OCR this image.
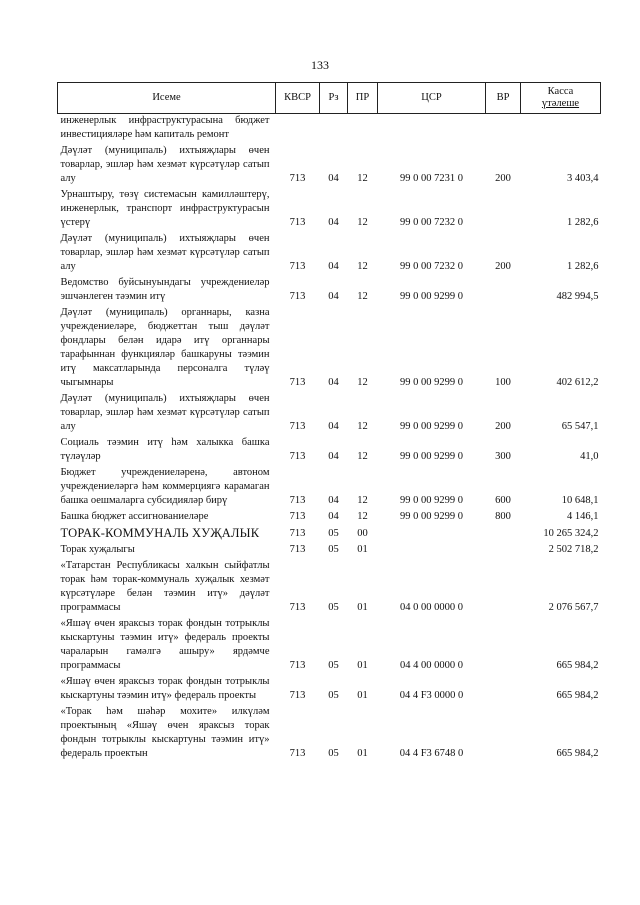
133
Исеме	КВСР	Рз	ПР	ЦСР	ВР	Касса
үтәлеше
инженерлык инфраструктурасына бюджет инвестицияләре һәм капиталь ремонт						
Дәүләт (муниципаль) ихтыяҗлары өчен товарлар, эшләр һәм хезмәт күрсәтүләр сатып алу	713	04	12	99 0 00 7231 0	200	3 403,4
Урнаштыру, төзү системасын камилләштерү, инженерлык, транспорт инфраструктурасын үстерү	713	04	12	99 0 00 7232 0		1 282,6
Дәүләт (муниципаль) ихтыяҗлары өчен товарлар, эшләр һәм хезмәт күрсәтүләр сатып алу	713	04	12	99 0 00 7232 0	200	1 282,6
Ведомство буйсынуындагы учреждениеләр эшчәнлеген тәэмин итү	713	04	12	99 0 00 9299 0		482 994,5
Дәүләт (муниципаль) органнары, казна учреждениеләре, бюджеттан тыш дәүләт фондлары белән идарә итү органнары тарафыннан функцияләр башкаруны тәэмин итү максатларында персоналга түләү чыгымнары	713	04	12	99 0 00 9299 0	100	402 612,2
Дәүләт (муниципаль) ихтыяҗлары өчен товарлар, эшләр һәм хезмәт күрсәтүләр сатып алу	713	04	12	99 0 00 9299 0	200	65 547,1
Социаль тәэмин итү һәм халыкка башка түләүләр	713	04	12	99 0 00 9299 0	300	41,0
Бюджет учреждениеләренә, автоном учреждениеләргә һәм коммерциягә карамаган башка оешмаларга субсидияләр бирү	713	04	12	99 0 00 9299 0	600	10 648,1
Башка бюджет ассигнованиеләре	713	04	12	99 0 00 9299 0	800	4 146,1
ТОРАК-КОММУНАЛЬ ХУҖАЛЫК	713	05	00			10 265 324,2
Торак хуҗалыгы	713	05	01			2 502 718,2
«Татарстан Республикасы халкын сыйфатлы торак һәм торак-коммуналь хуҗалык хезмәт күрсәтүләре белән тәэмин итү» дәүләт программасы	713	05	01	04 0 00 0000 0		2 076 567,7
«Яшәү өчен яраксыз торак фондын тотрыклы кыскартуны тәэмин итү» федераль проекты чараларын гамәлгә ашыру» ярдәмче программасы	713	05	01	04 4 00 0000 0		665 984,2
«Яшәү өчен яраксыз торак фондын тотрыклы кыскартуны тәэмин итү» федераль проекты	713	05	01	04 4 F3 0000 0		665 984,2
«Торак һәм шәһәр мохите» илкүләм проектының «Яшәү өчен яраксыз торак фондын тотрыклы кыскартуны тәэмин итү» федераль проектын	713	05	01	04 4 F3 6748 0		665 984,2
